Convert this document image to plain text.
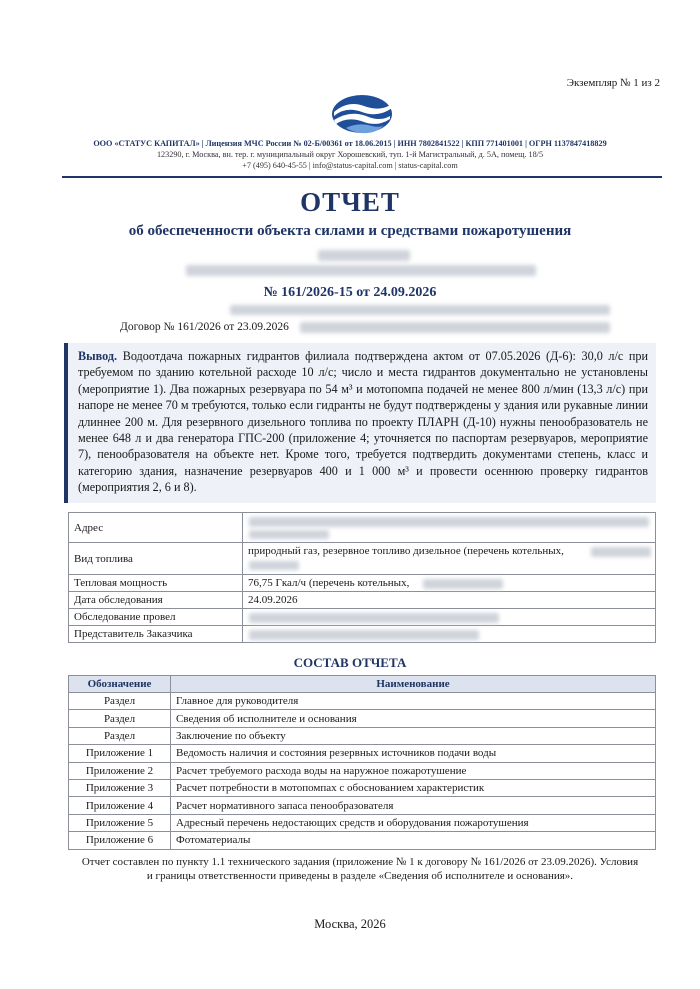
Экземпляр № 1 из 2
ООО «СТАТУС КАПИТАЛ» | Лицензия МЧС России № 02-Б/00361 от 18.06.2015 | ИНН 7802841522 | КПП 771401001 | ОГРН 1137847418829
123290, г. Москва, вн. тер. г. муниципальный округ Хорошевский, туп. 1-й Магистральный, д. 5А, помещ. 18/5
+7 (495) 640-45-55 | info@status-capital.com | status-capital.com
ОТЧЕТ
об обеспеченности объекта силами и средствами пожаротушения
№ 161/2026-15 от 24.09.2026
Договор № 161/2026 от 23.09.2026
Вывод. Водоотдача пожарных гидрантов филиала подтверждена актом от 07.05.2026 (Д-6): 30,0 л/с при требуемом по зданию котельной расходе 10 л/с; число и места гидрантов документально не установлены (мероприятие 1). Два пожарных резервуара по 54 м³ и мотопомпа подачей не менее 800 л/мин (13,3 л/с) при напоре не менее 70 м требуются, только если гидранты не будут подтверждены у здания или рукавные линии длиннее 200 м. Для резервного дизельного топлива по проекту ПЛАРН (Д-10) нужны пенообразователь не менее 648 л и два генератора ГПС-200 (приложение 4; уточняется по паспортам резервуаров, мероприятие 7), пенообразователя на объекте нет. Кроме того, требуется подтвердить документами степень, класс и категорию здания, назначение резервуаров 400 и 1 000 м³ и провести осеннюю проверку гидрантов (мероприятия 2, 6 и 8).
Адрес	

Вид топлива	природный газ, резервное топливо дизельное (перечень котельных,

Тепловая мощность	76,75 Гкал/ч (перечень котельных,

Дата обследования	24.09.2026
Обследование провел	

Представитель Заказчика	
СОСТАВ ОТЧЕТА
Обозначение	Наименование
Раздел	Главное для руководителя
Раздел	Сведения об исполнителе и основания
Раздел	Заключение по объекту
Приложение 1	Ведомость наличия и состояния резервных источников подачи воды
Приложение 2	Расчет требуемого расхода воды на наружное пожаротушение
Приложение 3	Расчет потребности в мотопомпах с обоснованием характеристик
Приложение 4	Расчет нормативного запаса пенообразователя
Приложение 5	Адресный перечень недостающих средств и оборудования пожаротушения
Приложение 6	Фотоматериалы
Отчет составлен по пункту 1.1 технического задания (приложение № 1 к договору № 161/2026 от 23.09.2026). Условия и границы ответственности приведены в разделе «Сведения об исполнителе и основания».
Москва, 2026
